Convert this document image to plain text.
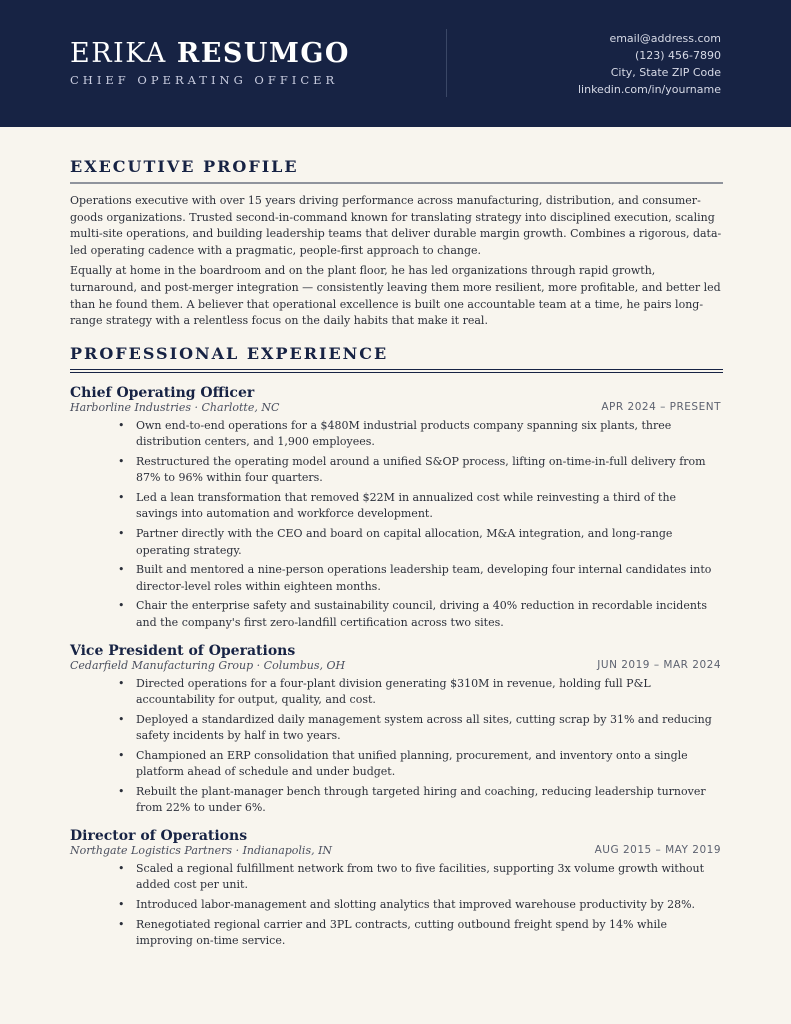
ERIKA RESUMGO
CHIEF OPERATING OFFICER
email@address.com
(123) 456-7890
City, State ZIP Code
linkedin.com/in/yourname
EXECUTIVE PROFILE

Operations executive with over 15 years driving performance across manufacturing, distribution, and consumer-goods organizations. Trusted second-in-command known for translating strategy into disciplined execution, scaling multi-site operations, and building leadership teams that deliver durable margin growth. Combines a rigorous, data-led operating cadence with a pragmatic, people-first approach to change.

Equally at home in the boardroom and on the plant floor, he has led organizations through rapid growth, turnaround, and post-merger integration — consistently leaving them more resilient, more profitable, and better led than he found them. A believer that operational excellence is built one accountable team at a time, he pairs long-range strategy with a relentless focus on the daily habits that make it real.

PROFESSIONAL EXPERIENCE
Chief Operating Officer
Harborline Industries · Charlotte, NC	APR 2024 – PRESENT
• Own end-to-end operations for a $480M industrial products company spanning six plants, three distribution centers, and 1,900 employees.
• Restructured the operating model around a unified S&OP process, lifting on-time-in-full delivery from 87% to 96% within four quarters.
• Led a lean transformation that removed $22M in annualized cost while reinvesting a third of the savings into automation and workforce development.
• Partner directly with the CEO and board on capital allocation, M&A integration, and long-range operating strategy.
• Built and mentored a nine-person operations leadership team, developing four internal candidates into director-level roles within eighteen months.
• Chair the enterprise safety and sustainability council, driving a 40% reduction in recordable incidents and the company's first zero-landfill certification across two sites.
Vice President of Operations
Cedarfield Manufacturing Group · Columbus, OH	JUN 2019 – MAR 2024
• Directed operations for a four-plant division generating $310M in revenue, holding full P&L accountability for output, quality, and cost.
• Deployed a standardized daily management system across all sites, cutting scrap by 31% and reducing safety incidents by half in two years.
• Championed an ERP consolidation that unified planning, procurement, and inventory onto a single platform ahead of schedule and under budget.
• Rebuilt the plant-manager bench through targeted hiring and coaching, reducing leadership turnover from 22% to under 6%.
Director of Operations
Northgate Logistics Partners · Indianapolis, IN	AUG 2015 – MAY 2019
• Scaled a regional fulfillment network from two to five facilities, supporting 3x volume growth without added cost per unit.
• Introduced labor-management and slotting analytics that improved warehouse productivity by 28%.
• Renegotiated regional carrier and 3PL contracts, cutting outbound freight spend by 14% while improving on-time service.
